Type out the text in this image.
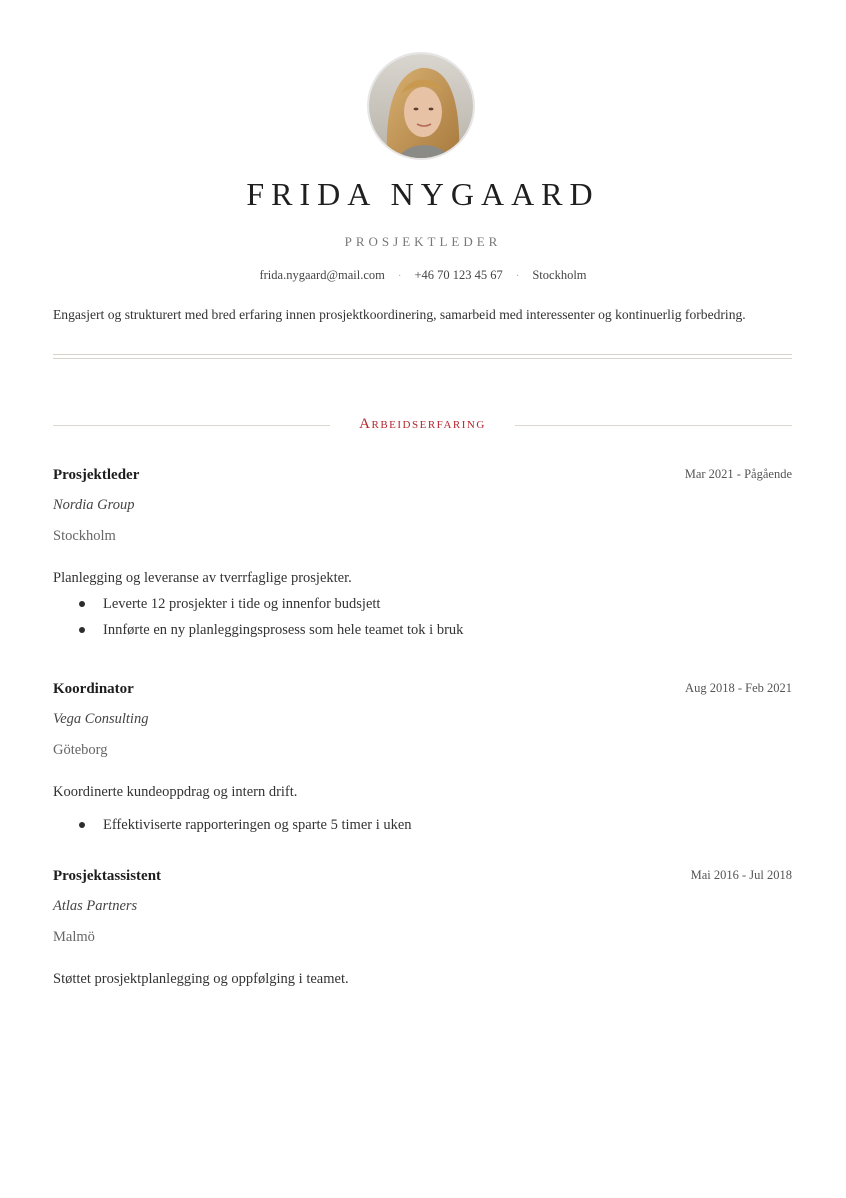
FRIDA NYGAARD
PROSJEKTLEDER
frida.nygaard@mail.com · +46 70 123 45 67 · Stockholm
Engasjert og strukturert med bred erfaring innen prosjektkoordinering, samarbeid med interessenter og kontinuerlig forbedring.
Arbeidserfaring
Prosjektleder	Mar 2021 - Pågående
Nordia Group
Stockholm
Planlegging og leveranse av tverrfaglige prosjekter.
Leverte 12 prosjekter i tide og innenfor budsjett
Innførte en ny planleggingsprosess som hele teamet tok i bruk
Koordinator	Aug 2018 - Feb 2021
Vega Consulting
Göteborg
Koordinerte kundeoppdrag og intern drift.
Effektiviserte rapporteringen og sparte 5 timer i uken
Prosjektassistent	Mai 2016 - Jul 2018
Atlas Partners
Malmö
Støttet prosjektplanlegging og oppfølging i teamet.
